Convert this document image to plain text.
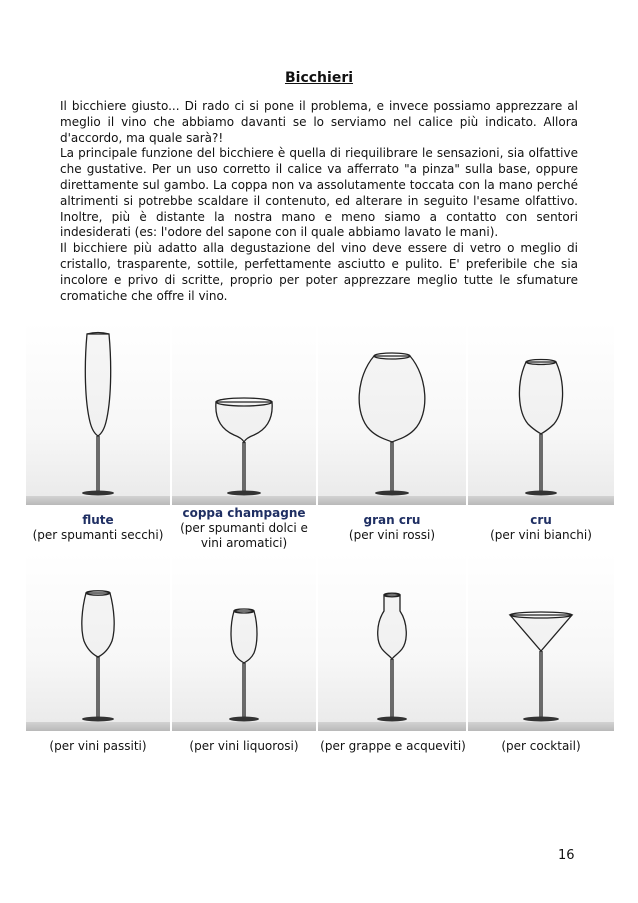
Bicchieri

Il bicchiere giusto... Di rado ci si pone il problema, e invece possiamo apprezzare al meglio il vino che abbiamo davanti se lo serviamo nel calice più indicato. Allora d'accordo, ma quale sarà?!

La principale funzione del bicchiere è quella di riequilibrare le sensazioni, sia olfattive che gustative. Per un uso corretto il calice va afferrato "a pinza" sulla base, oppure direttamente sul gambo. La coppa non va assolutamente toccata con la mano perché altrimenti si potrebbe scaldare il contenuto, ed alterare in seguito l'esame olfattivo. Inoltre, più è distante la nostra mano e meno siamo a contatto con sentori indesiderati (es: l'odore del sapone con il quale abbiamo lavato le mani).

Il bicchiere più adatto alla degustazione del vino deve essere di vetro o meglio di cristallo, trasparente, sottile, perfettamente asciutto e pulito. E' preferibile che sia incolore e privo di scritte, proprio per poter apprezzare meglio tutte le sfumature cromatiche che offre il vino.

flute
(per spumanti secchi)
coppa champagne
(per spumanti dolci e vini aromatici)
gran cru
(per vini rossi)
cru
(per vini bianchi)
(per vini passiti)	(per vini liquorosi)	(per grappe e acqueviti)	(per cocktail)
16
